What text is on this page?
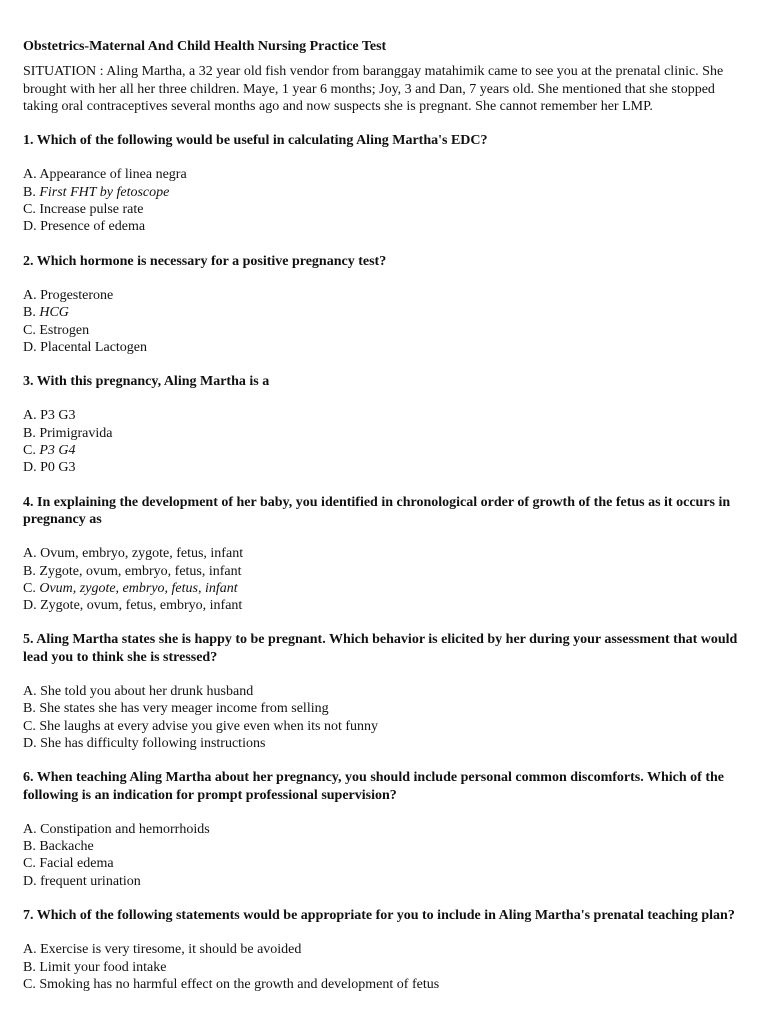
Obstetrics-Maternal And Child Health Nursing Practice Test
SITUATION : Aling Martha, a 32 year old fish vendor from baranggay matahimik came to see you at the prenatal clinic. She brought with her all her three children. Maye, 1 year 6 months; Joy, 3 and Dan, 7 years old. She mentioned that she stopped taking oral contraceptives several months ago and now suspects she is pregnant. She cannot remember her LMP.
1. Which of the following would be useful in calculating Aling Martha's EDC?
A. Appearance of linea negra
B. First FHT by fetoscope
C. Increase pulse rate
D. Presence of edema
2. Which hormone is necessary for a positive pregnancy test?
A. Progesterone
B. HCG
C. Estrogen
D. Placental Lactogen
3. With this pregnancy, Aling Martha is a
A. P3 G3
B. Primigravida
C. P3 G4
D. P0 G3
4. In explaining the development of her baby, you identified in chronological order of growth of the fetus as it occurs in pregnancy as
A. Ovum, embryo, zygote, fetus, infant
B. Zygote, ovum, embryo, fetus, infant
C. Ovum, zygote, embryo, fetus, infant
D. Zygote, ovum, fetus, embryo, infant
5. Aling Martha states she is happy to be pregnant. Which behavior is elicited by her during your assessment that would lead you to think she is stressed?
A. She told you about her drunk husband
B. She states she has very meager income from selling
C. She laughs at every advise you give even when its not funny
D. She has difficulty following instructions
6. When teaching Aling Martha about her pregnancy, you should include personal common discomforts. Which of the following is an indication for prompt professional supervision?
A. Constipation and hemorrhoids
B. Backache
C. Facial edema
D. frequent urination
7. Which of the following statements would be appropriate for you to include in Aling Martha's prenatal teaching plan?
A. Exercise is very tiresome, it should be avoided
B. Limit your food intake
C. Smoking has no harmful effect on the growth and development of fetus
